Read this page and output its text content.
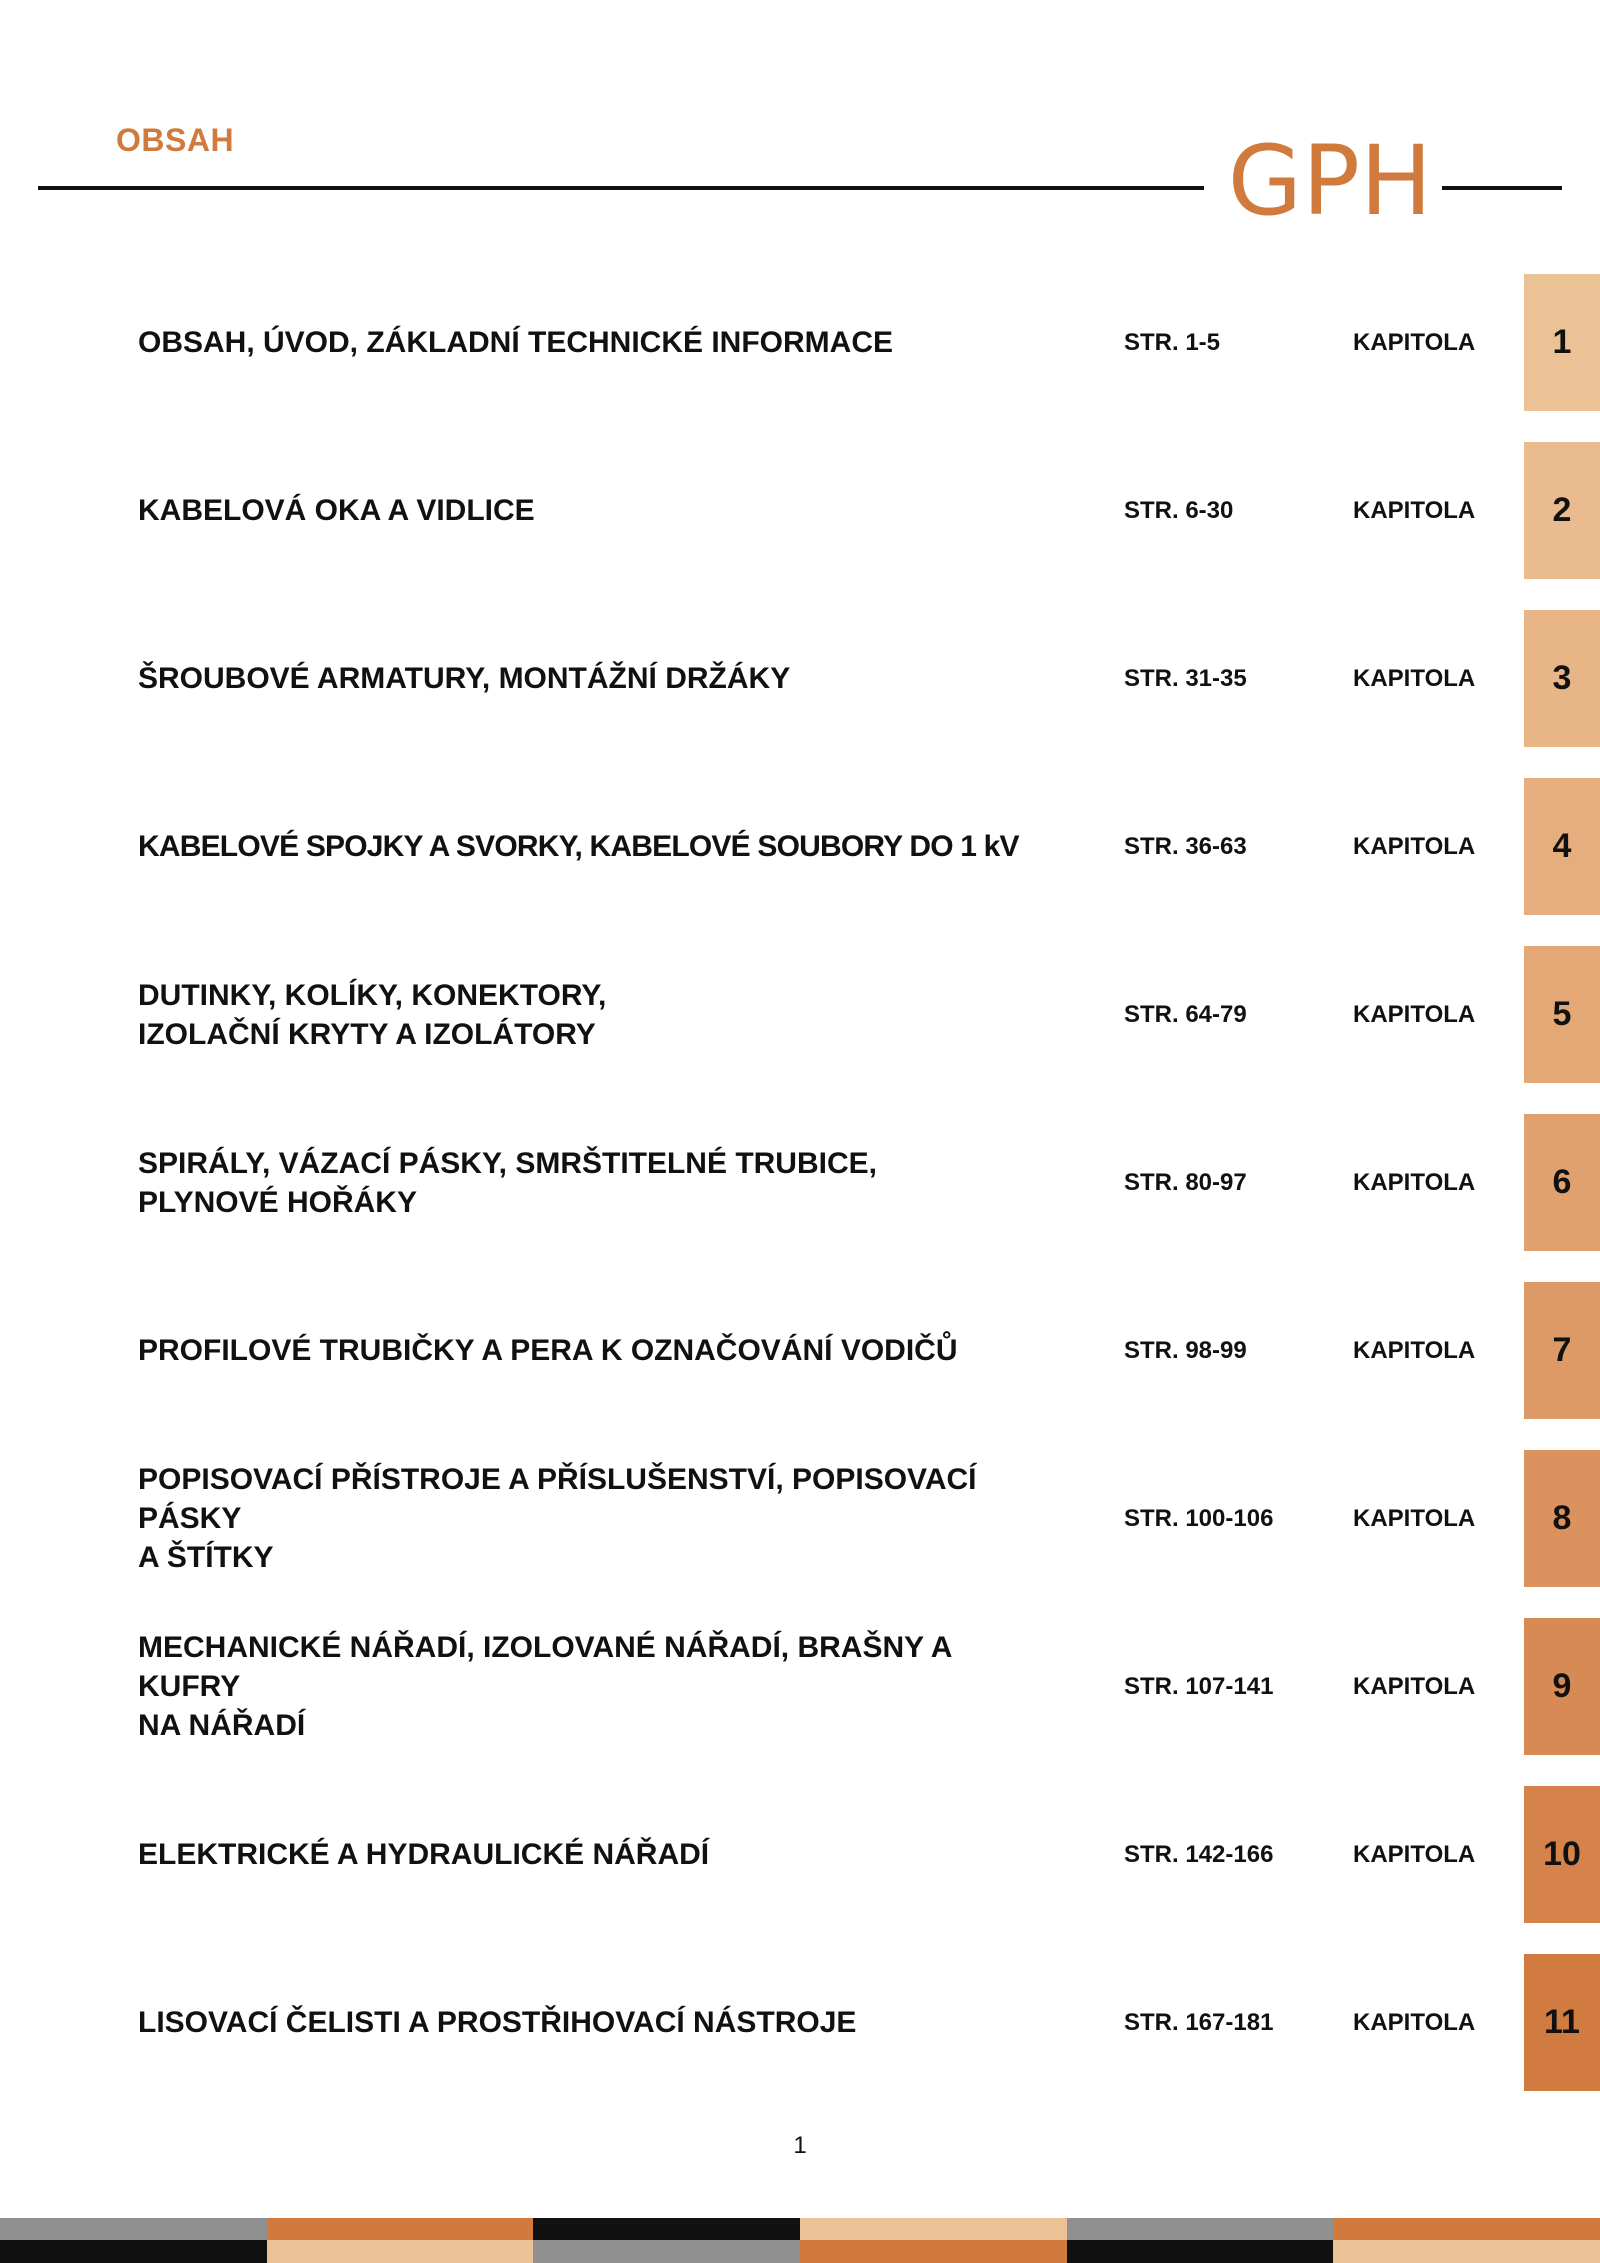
OBSAH	GPH
OBSAH, ÚVOD, ZÁKLADNÍ TECHNICKÉ INFORMACE	STR. 1-5	KAPITOLA	1
KABELOVÁ OKA A VIDLICE	STR. 6-30	KAPITOLA	2
ŠROUBOVÉ ARMATURY, MONTÁŽNÍ DRŽÁKY	STR. 31-35	KAPITOLA	3
KABELOVÉ SPOJKY A SVORKY, KABELOVÉ SOUBORY DO 1 kV	STR. 36-63	KAPITOLA	4
DUTINKY, KOLÍKY, KONEKTORY,
IZOLAČNÍ KRYTY A IZOLÁTORY
STR. 64-79	KAPITOLA	5
SPIRÁLY, VÁZACÍ PÁSKY, SMRŠTITELNÉ TRUBICE,
PLYNOVÉ HOŘÁKY
STR. 80-97	KAPITOLA	6
PROFILOVÉ TRUBIČKY A PERA K OZNAČOVÁNÍ VODIČŮ	STR. 98-99	KAPITOLA	7
POPISOVACÍ PŘÍSTROJE A PŘÍSLUŠENSTVÍ, POPISOVACÍ PÁSKY
A ŠTÍTKY
STR. 100-106	KAPITOLA	8
MECHANICKÉ NÁŘADÍ, IZOLOVANÉ NÁŘADÍ, BRAŠNY A KUFRY
NA NÁŘADÍ
STR. 107-141	KAPITOLA	9
ELEKTRICKÉ A HYDRAULICKÉ NÁŘADÍ	STR. 142-166	KAPITOLA	10
LISOVACÍ ČELISTI A PROSTŘIHOVACÍ NÁSTROJE	STR. 167-181	KAPITOLA	11
1
